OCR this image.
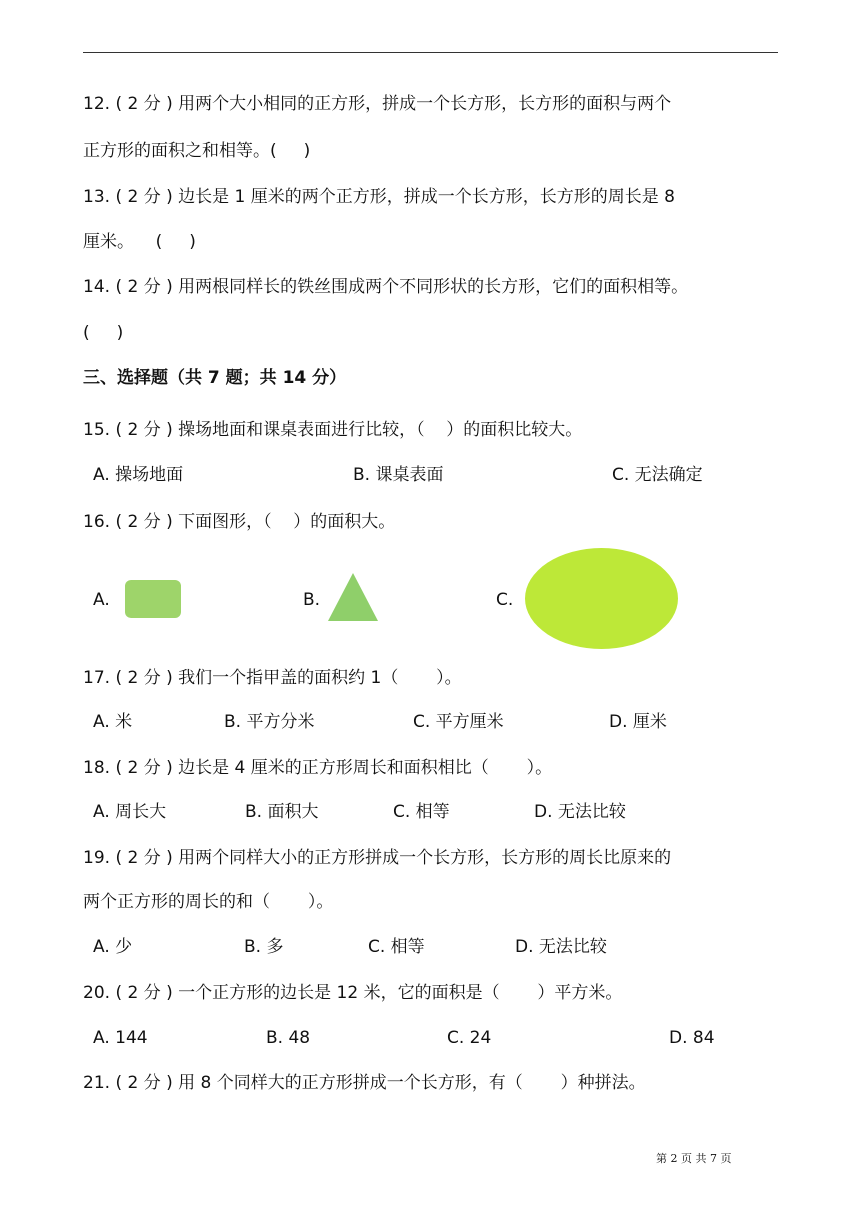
12. ( 2 分 ) 用两个大小相同的正方形，拼成一个长方形，长方形的面积与两个
正方形的面积之和相等。(     )
13. ( 2 分 ) 边长是 1 厘米的两个正方形，拼成一个长方形，长方形的周长是 8
厘米。    (     )
14. ( 2 分 ) 用两根同样长的铁丝围成两个不同形状的长方形，它们的面积相等。
(     )
三、选择题（共 7 题；共 14 分）
15. ( 2 分 ) 操场地面和课桌表面进行比较，（    ）的面积比较大。
A. 操场地面	B. 课桌表面	C. 无法确定
16. ( 2 分 ) 下面图形，（    ）的面积大。
A.	B.	C.
17. ( 2 分 ) 我们一个指甲盖的面积约 1（       ）。
A. 米	B. 平方分米	C. 平方厘米	D. 厘米
18. ( 2 分 ) 边长是 4 厘米的正方形周长和面积相比（       ）。
A. 周长大	B. 面积大	C. 相等	D. 无法比较
19. ( 2 分 ) 用两个同样大小的正方形拼成一个长方形，长方形的周长比原来的
两个正方形的周长的和（       ）。
A. 少	B. 多	C. 相等	D. 无法比较
20. ( 2 分 ) 一个正方形的边长是 12 米，它的面积是（       ）平方米。
A. 144	B. 48	C. 24	D. 84
21. ( 2 分 ) 用 8 个同样大的正方形拼成一个长方形，有（       ）种拼法。
第 2 页 共 7 页
